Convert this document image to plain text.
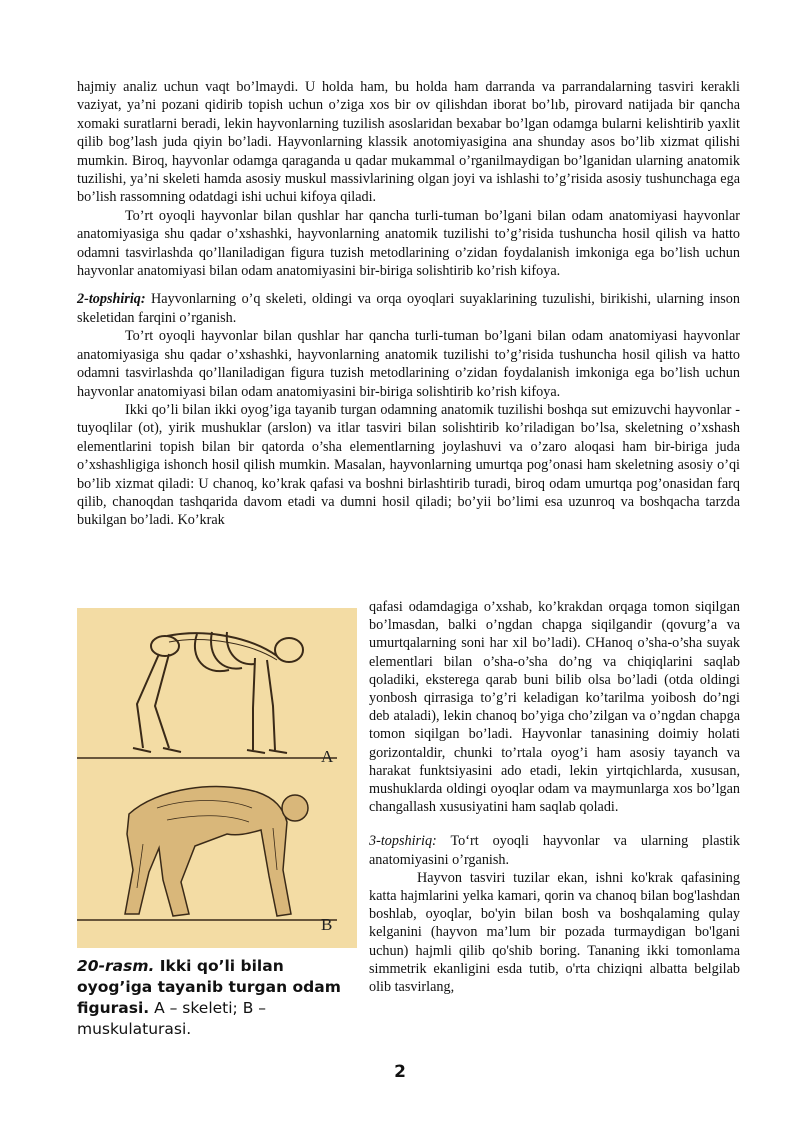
hajmiy analiz uchun vaqt bo’lmaydi. U holda ham, bu holda ham darranda va parrandalarning tasviri kerakli vaziyat, ya’ni pozani qidirib topish uchun o’ziga xos bir ov qilishdan iborat bo’lıb, pirovard natijada bir qancha xomaki suratlarni beradi, lekin hayvonlarning tuzilish asoslaridan bexabar bo’lgan odamga bularni kelishtirib yaxlit qilib bog’lash juda qiyin bo’ladi. Hayvonlarning klassik anotomiyasigina ana shunday asos bo’lib xizmat qilishi mumkin. Biroq, hayvonlar odamga qaraganda u qadar mukammal o’rganilmaydigan bo’lganidan ularning anatomik tuzilishi, ya’ni skeleti hamda asosiy muskul massivlarining olgan joyi va ishlashi to’g’risida asosiy tushunchaga ega bo’lish rassomning odatdagi ishi uchui kifoya qiladi.

To’rt oyoqli hayvonlar bilan qushlar har qancha turli-tuman bo’lgani bilan odam anatomiyasi hayvonlar anatomiyasiga shu qadar o’xshashki, hayvonlarning anatomik tuzilishi to’g’risida tushuncha hosil qilish va hatto odamni tasvirlashda qo’llaniladigan figura tuzish metodlarining o’zidan foydalanish imkoniga ega bo’lish uchun hayvonlar anatomiyasi bilan odam anatomiyasini bir-biriga solishtirib ko’rish kifoya.

2-topshiriq: Hayvonlarning o’q skeleti, oldingi va orqa oyoqlari suyaklarining tuzulishi, birikishi, ularning inson skeletidan farqini o’rganish.

To’rt oyoqli hayvonlar bilan qushlar har qancha turli-tuman bo’lgani bilan odam anatomiyasi hayvonlar anatomiyasiga shu qadar o’xshashki, hayvonlarning anatomik tuzilishi to’g’risida tushuncha hosil qilish va hatto odamni tasvirlashda qo’llaniladigan figura tuzish metodlarining o’zidan foydalanish imkoniga ega bo’lish uchun hayvonlar anatomiyasi bilan odam anatomiyasini bir-biriga solishtirib ko’rish kifoya.

Ikki qo’li bilan ikki oyog’iga tayanib turgan odamning anatomik tuzilishi boshqa sut emizuvchi hayvonlar - tuyoqlilar (ot), yirik mushuklar (arslon) va itlar tasviri bilan solishtirib ko’riladigan bo’lsa, skeletning o’xshash elementlarini topish bilan bir qatorda o’sha elementlarning joylashuvi va o’zaro aloqasi ham bir-biriga juda o’xshashligiga ishonch hosil qilish mumkin. Masalan, hayvonlarning umurtqa pog’onasi ham skeletning asosiy o’qi bo’lib xizmat qiladi: U chanoq, ko’krak qafasi va boshni birlashtirib turadi, biroq odam umurtqa pog’onasidan farq qilib, chanoqdan tashqarida davom etadi va dumni hosil qiladi; bo’yii bo’limi esa uzunroq va boshqacha tarzda bukilgan bo’ladi. Ko’krak

A
B
20-rasm. Ikki qo’li bilan oyog’iga tayanib turgan odam figurasi. A – skeleti; B – muskulaturasi.

qafasi odamdagiga o’xshab, ko’krakdan orqaga tomon siqilgan bo’lmasdan, balki o’ngdan chapga siqilgandir (qovurg’a va umurtqalarning soni har xil bo’ladi). CHanoq o’sha-o’sha suyak elementlari bilan o’sha-o’sha do’ng va chiqiqlarini saqlab qoladiki, eksterega qarab buni bilib olsa bo’ladi (otda oldingi yonbosh qirrasiga to’g’ri keladigan ko’tarilma yoibosh do’ngi deb ataladi), lekin chanoq bo’yiga cho’zilgan va o’ngdan chapga tomon siqilgan bo’ladi. Hayvonlar tanasining doimiy holati gorizontaldir, chunki to’rtala oyog’i ham asosiy tayanch va harakat funktsiyasini ado etadi, lekin yirtqichlarda, xususan, mushuklarda oldingi oyoqlar odam va maymunlarga xos bo’lgan changallash xususiyatini ham saqlab qoladi.

3-topshiriq: To‘rt oyoqli hayvonlar va ularning plastik anatomiyasini o’rganish.

Hayvon tasviri tuzilar ekan, ishni ko'krak qafasining katta hajmlarini yelka kamari, qorin va chanoq bilan bog'lashdan boshlab, oyoqlar, bo'yin bilan bosh va boshqalaming qulay kelganini (hayvon ma’lum bir pozada turmaydigan bo'lgani uchun) hajmli qilib qo'shib boring. Tananing ikki tomonlama simmetrik ekanligini esda tutib, o'rta chiziqni albatta belgilab olib tasvirlang,

2
